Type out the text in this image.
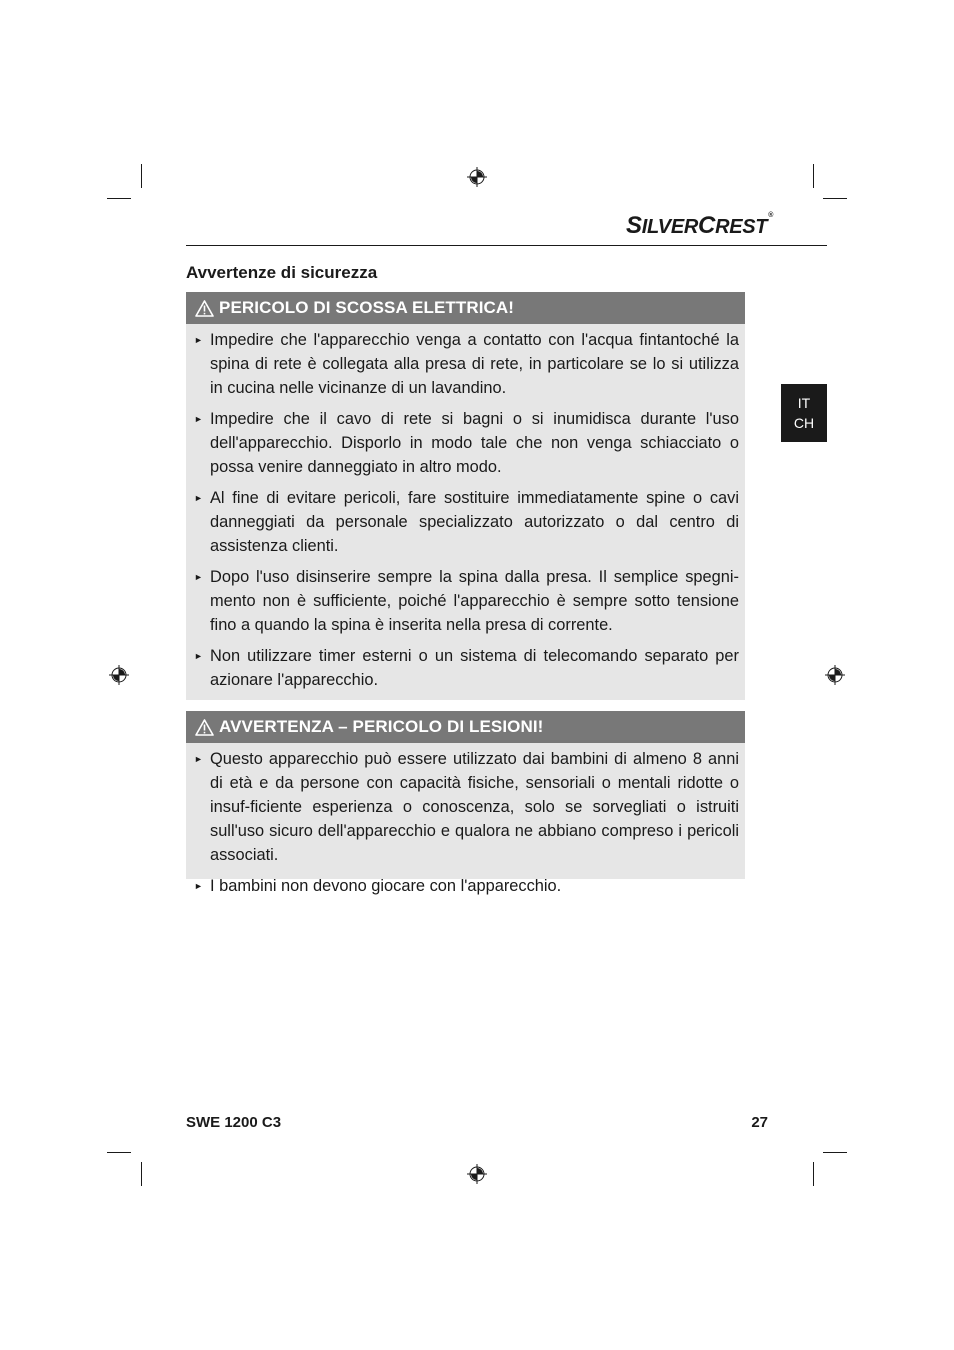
SILVERCREST®
Avvertenze di sicurezza
IT
CH
PERICOLO DI SCOSSA ELETTRICA!
► Impedire che l'apparecchio venga a contatto con l'acqua fintantoché la spina di rete è collegata alla presa di rete, in particolare se lo si utilizza in cucina nelle vicinanze di un lavandino.
► Impedire che il cavo di rete si bagni o si inumidisca durante l'uso dell'apparecchio. Disporlo in modo tale che non venga schiacciato o possa venire danneggiato in altro modo.
► Al fine di evitare pericoli, fare sostituire immediatamente spine o cavi danneggiati da personale specializzato autorizzato o dal centro di assistenza clienti.
► Dopo l'uso disinserire sempre la spina dalla presa. Il semplice spegni-mento non è sufficiente, poiché l'apparecchio è sempre sotto tensione fino a quando la spina è inserita nella presa di corrente.
► Non utilizzare timer esterni o un sistema di telecomando separato per azionare l'apparecchio.
AVVERTENZA – PERICOLO DI LESIONI!
► Questo apparecchio può essere utilizzato dai bambini di almeno 8 anni di età e da persone con capacità fisiche, sensoriali o mentali ridotte o insuf-ficiente esperienza o conoscenza, solo se sorvegliati o istruiti sull'uso sicuro dell'apparecchio e qualora ne abbiano compreso i pericoli associati.
► I bambini non devono giocare con l'apparecchio.
SWE 1200 C3	27
